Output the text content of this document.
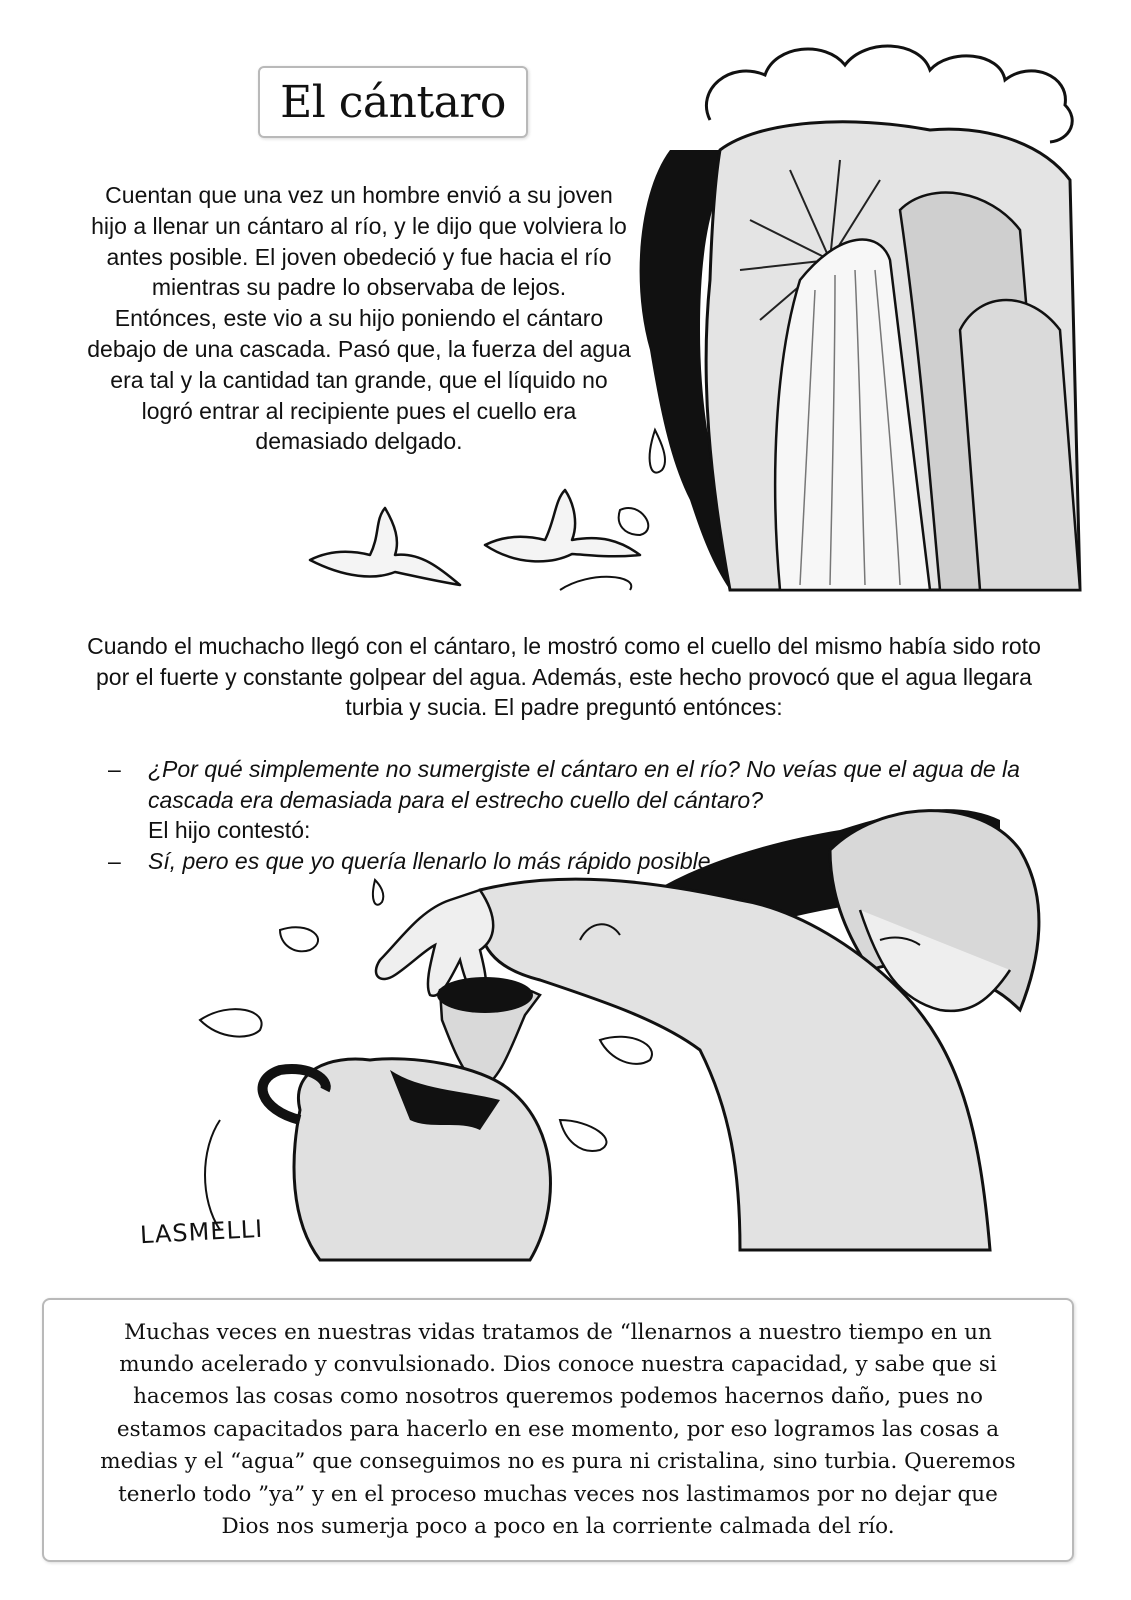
El cántaro

Cuentan que una vez un hombre envió a su joven hijo a llenar un cántaro al río, y le dijo que volviera lo antes posible. El joven obedeció y fue hacia el río mientras su padre lo observaba de lejos.

Entónces, este vio a su hijo poniendo el cántaro debajo de una cascada. Pasó que, la fuerza del agua era tal y la cantidad tan grande, que el líquido no logró entrar al recipiente pues el cuello era demasiado delgado.

Cuando el muchacho llegó con el cántaro, le mostró como el cuello del mismo había sido roto por el fuerte y constante golpear del agua. Además, este hecho provocó que el agua llegara turbia y sucia. El padre preguntó entónces:

– ¿Por qué simplemente no sumergiste el cántaro en el río? No veías que el agua de la cascada era demasiada para el estrecho cuello del cántaro?
El hijo contestó:
– Sí, pero es que yo quería llenarlo lo más rápido posible.
LASMELLI

Muchas veces en nuestras vidas tratamos de “llenarnos a nuestro tiempo en un mundo acelerado y convulsionado. Dios conoce nuestra capacidad, y sabe que si hacemos las cosas como nosotros queremos podemos hacernos daño, pues no estamos capacitados para hacerlo en ese momento, por eso logramos las cosas a medias y el “agua” que conseguimos no es pura ni cristalina, sino turbia. Queremos tenerlo todo ”ya” y en el proceso muchas veces nos lastimamos por no dejar que Dios nos sumerja poco a poco en la corriente calmada del río.
